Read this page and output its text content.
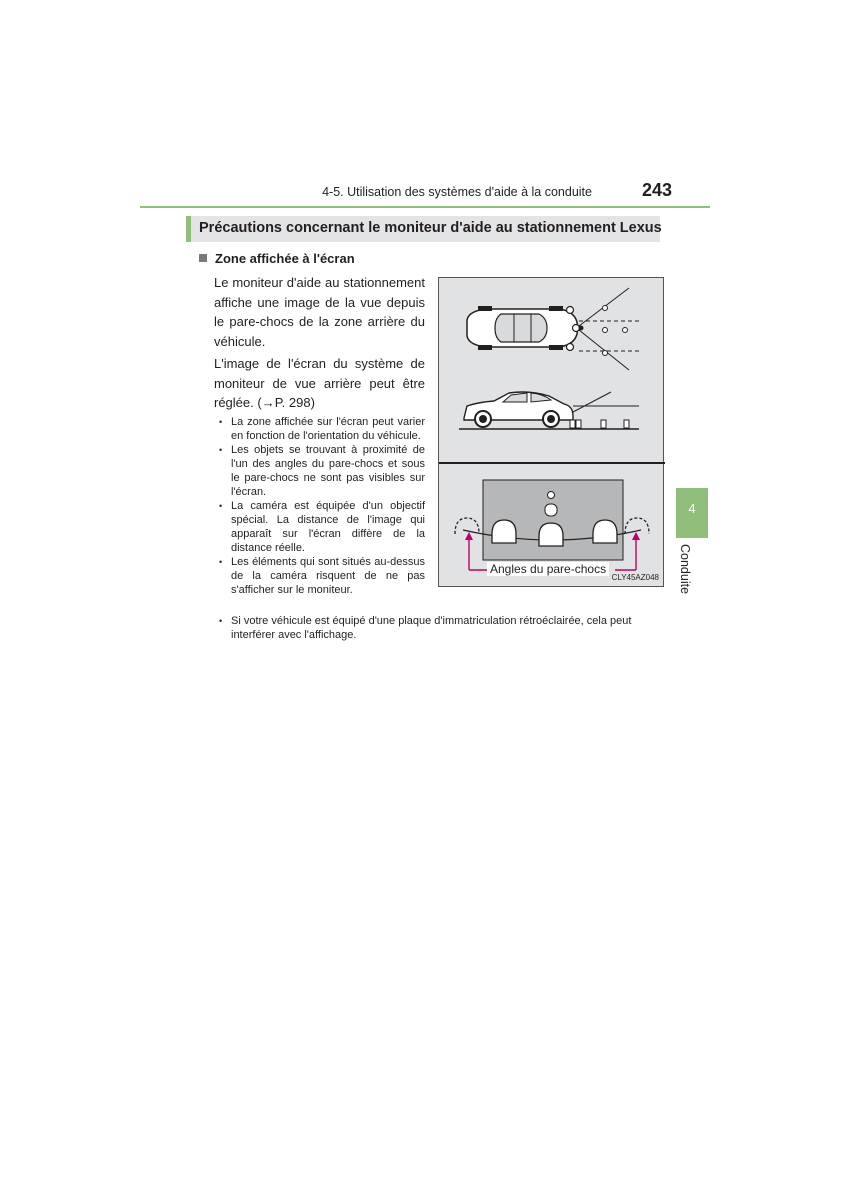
4-5. Utilisation des systèmes d'aide à la conduite	243
Précautions concernant le moniteur d'aide au stationnement Lexus
Zone affichée à l'écran
Le moniteur d'aide au stationnement affiche une image de la vue depuis le pare-chocs de la zone arrière du véhicule.
L'image de l'écran du système de moniteur de vue arrière peut être réglée. (→P. 298)
• La zone affichée sur l'écran peut varier en fonction de l'orientation du véhicule.
• Les objets se trouvant à proximité de l'un des angles du pare-chocs et sous le pare-chocs ne sont pas visibles sur l'écran.
• La caméra est équipée d'un objectif spécial. La distance de l'image qui apparaît sur l'écran diffère de la distance réelle.
• Les éléments qui sont situés au-dessus de la caméra risquent de ne pas s'afficher sur le moniteur.
• Si votre véhicule est équipé d'une plaque d'immatriculation rétroéclairée, cela peut interférer avec l'affichage.
Angles du pare-chocs
CLY45AZ048
4
Conduite
